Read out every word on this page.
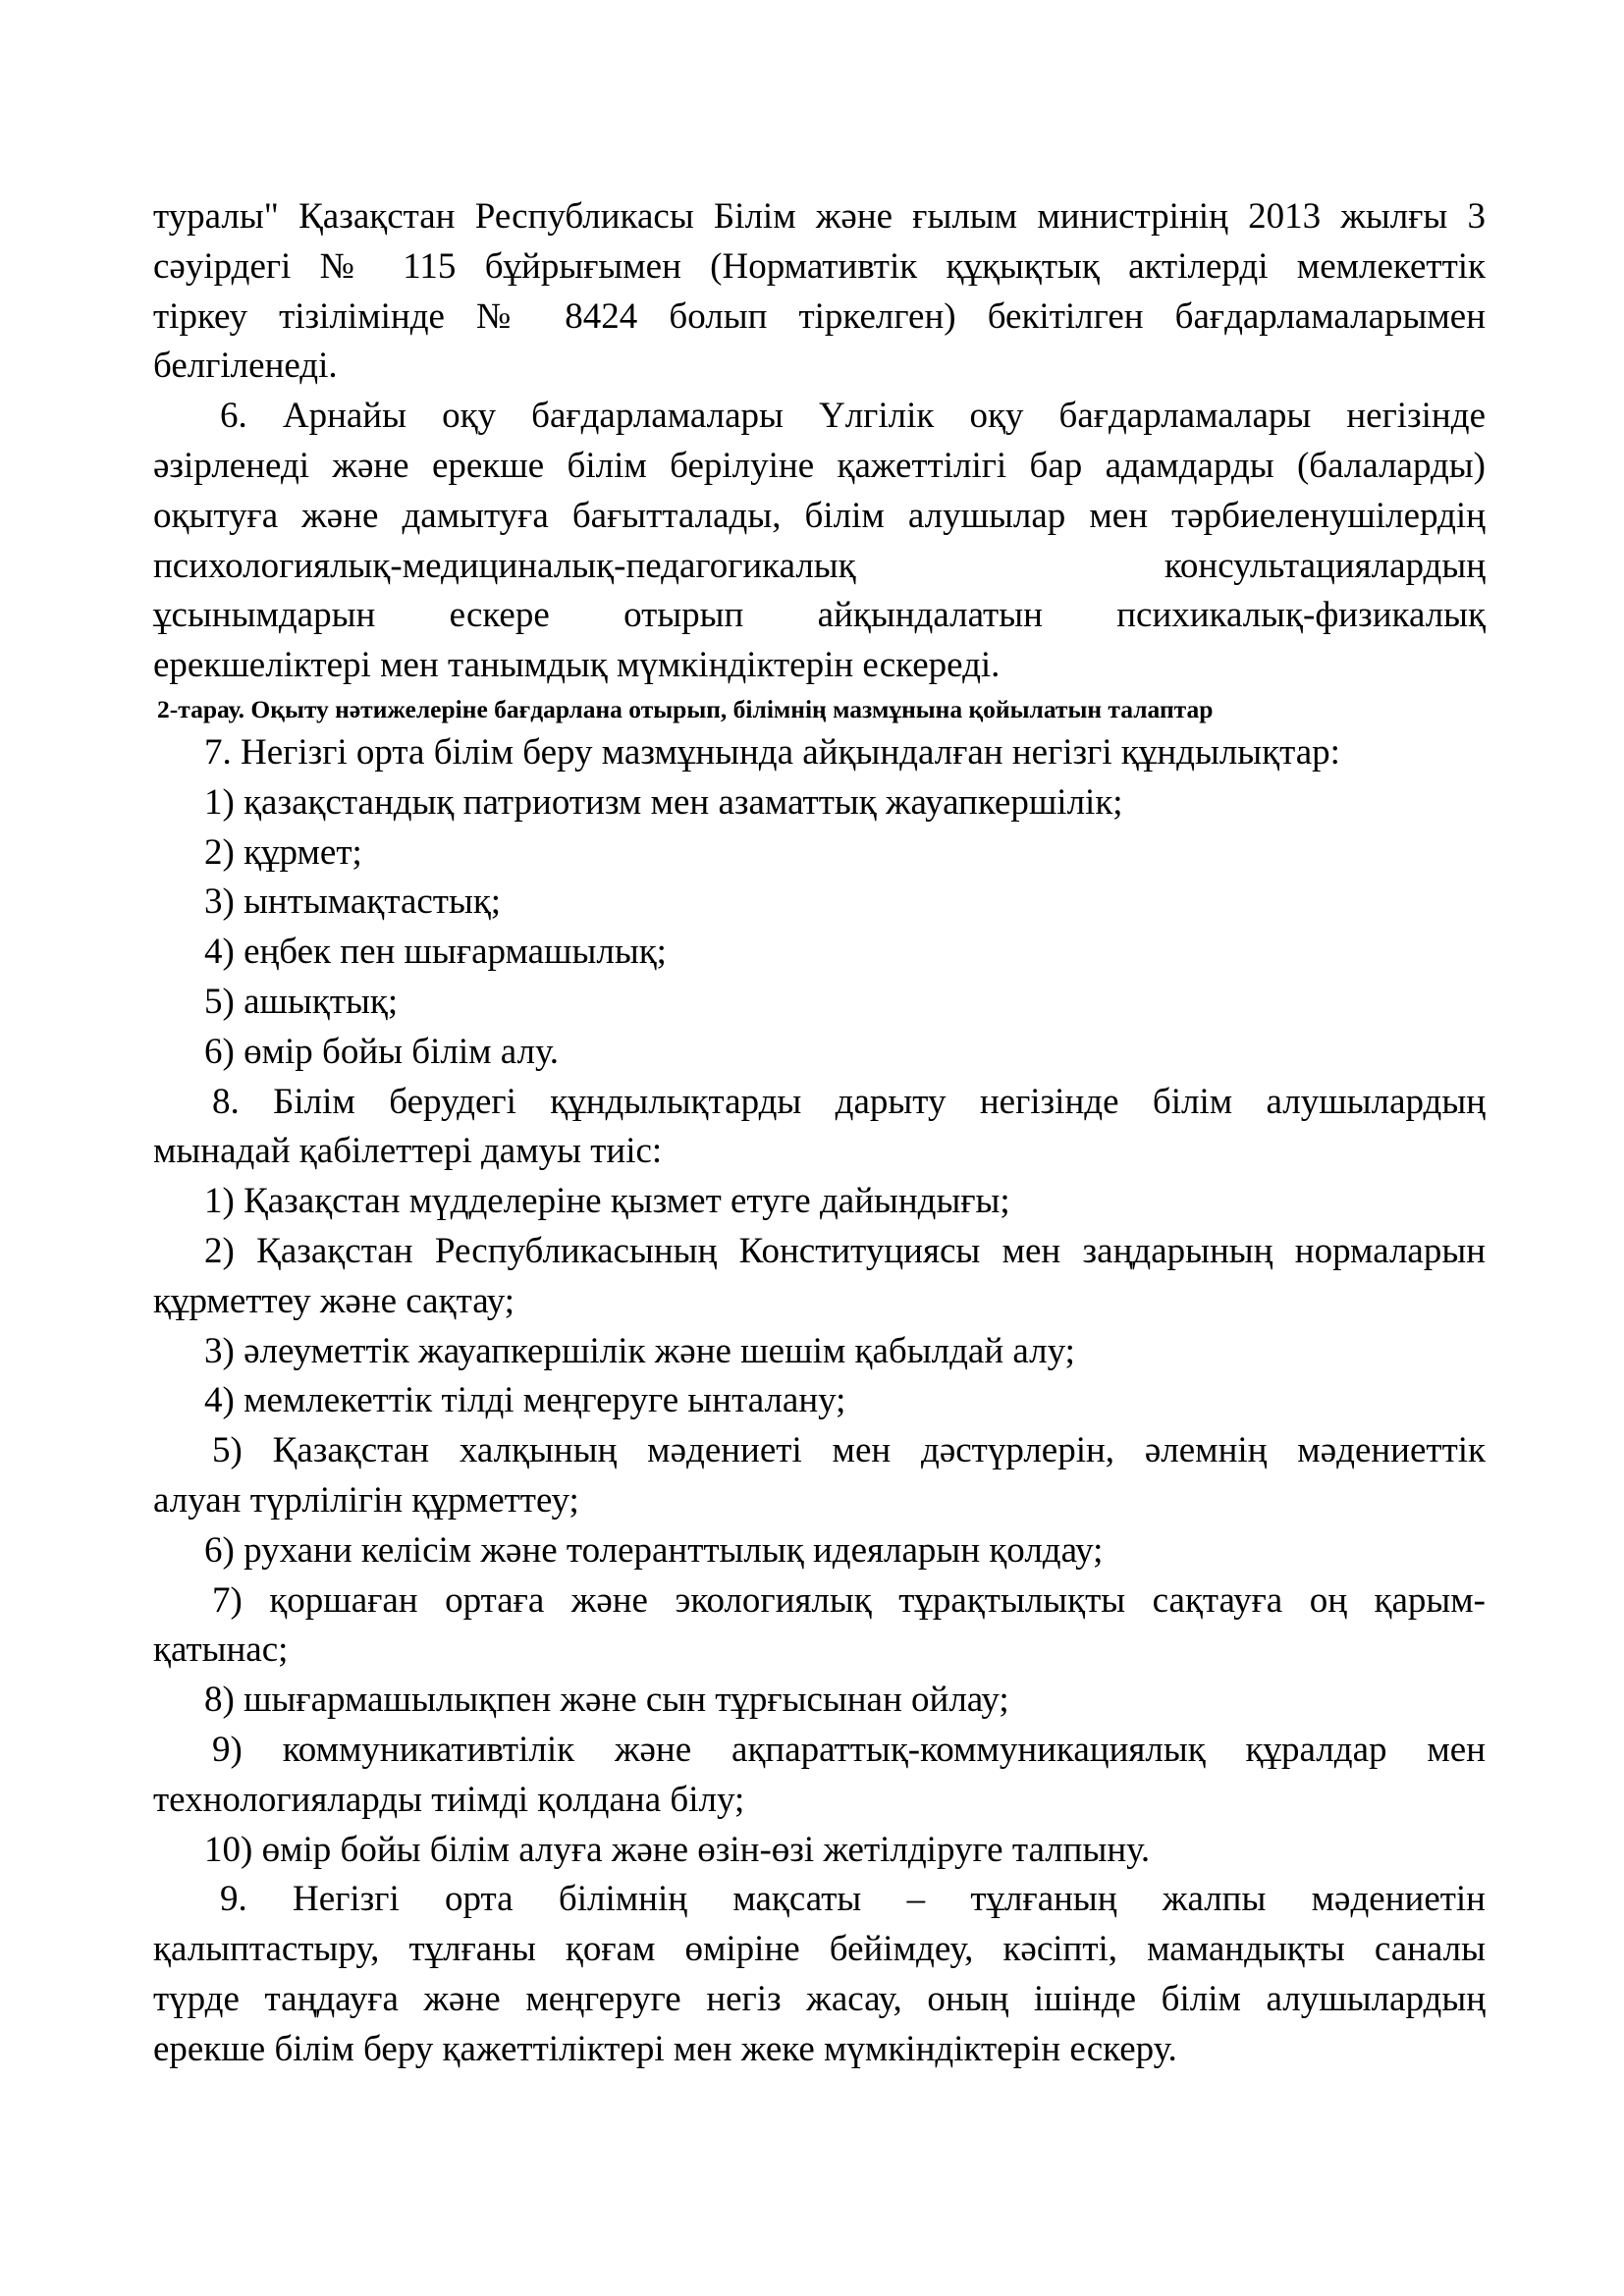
туралы" Қазақстан Республикасы Білім және ғылым министрінің 2013 жылғы 3
сәуірдегі № 115 бұйрығымен (Нормативтік құқықтық актілерді мемлекеттік
тіркеу тізілімінде № 8424 болып тіркелген) бекітілген бағдарламаларымен
белгіленеді.
6. Арнайы оқу бағдарламалары Үлгілік оқу бағдарламалары негізінде
әзірленеді және ерекше білім берілуіне қажеттілігі бар адамдарды (балаларды)
оқытуға және дамытуға бағытталады, білім алушылар мен тәрбиеленушілердің
психологиялық-медициналық-педагогикалық консультациялардың
ұсынымдарын ескере отырып айқындалатын психикалық-физикалық
ерекшеліктері мен танымдық мүмкіндіктерін ескереді.
2-тарау. Оқыту нәтижелеріне бағдарлана отырып, білімнің мазмұнына қойылатын талаптар
7. Негізгі орта білім беру мазмұнында айқындалған негізгі құндылықтар:
1) қазақстандық патриотизм мен азаматтық жауапкершілік;
2) құрмет;
3) ынтымақтастық;
4) еңбек пен шығармашылық;
5) ашықтық;
6) өмір бойы білім алу.
8. Білім берудегі құндылықтарды дарыту негізінде білім алушылардың
мынадай қабілеттері дамуы тиіс:
1) Қазақстан мүдделеріне қызмет етуге дайындығы;
2) Қазақстан Республикасының Конституциясы мен заңдарының нормаларын
құрметтеу және сақтау;
3) әлеуметтік жауапкершілік және шешім қабылдай алу;
4) мемлекеттік тілді меңгеруге ынталану;
5) Қазақстан халқының мәдениеті мен дәстүрлерін, әлемнің мәдениеттік
алуан түрлілігін құрметтеу;
6) рухани келісім және толеранттылық идеяларын қолдау;
7) қоршаған ортаға және экологиялық тұрақтылықты сақтауға оң қарым-
қатынас;
8) шығармашылықпен және сын тұрғысынан ойлау;
9) коммуникативтілік және ақпараттық-коммуникациялық құралдар мен
технологияларды тиімді қолдана білу;
10) өмір бойы білім алуға және өзін-өзі жетілдіруге талпыну.
9. Негізгі орта білімнің мақсаты – тұлғаның жалпы мәдениетін
қалыптастыру, тұлғаны қоғам өміріне бейімдеу, кәсіпті, мамандықты саналы
түрде таңдауға және меңгеруге негіз жасау, оның ішінде білім алушылардың
ерекше білім беру қажеттіліктері мен жеке мүмкіндіктерін ескеру.
